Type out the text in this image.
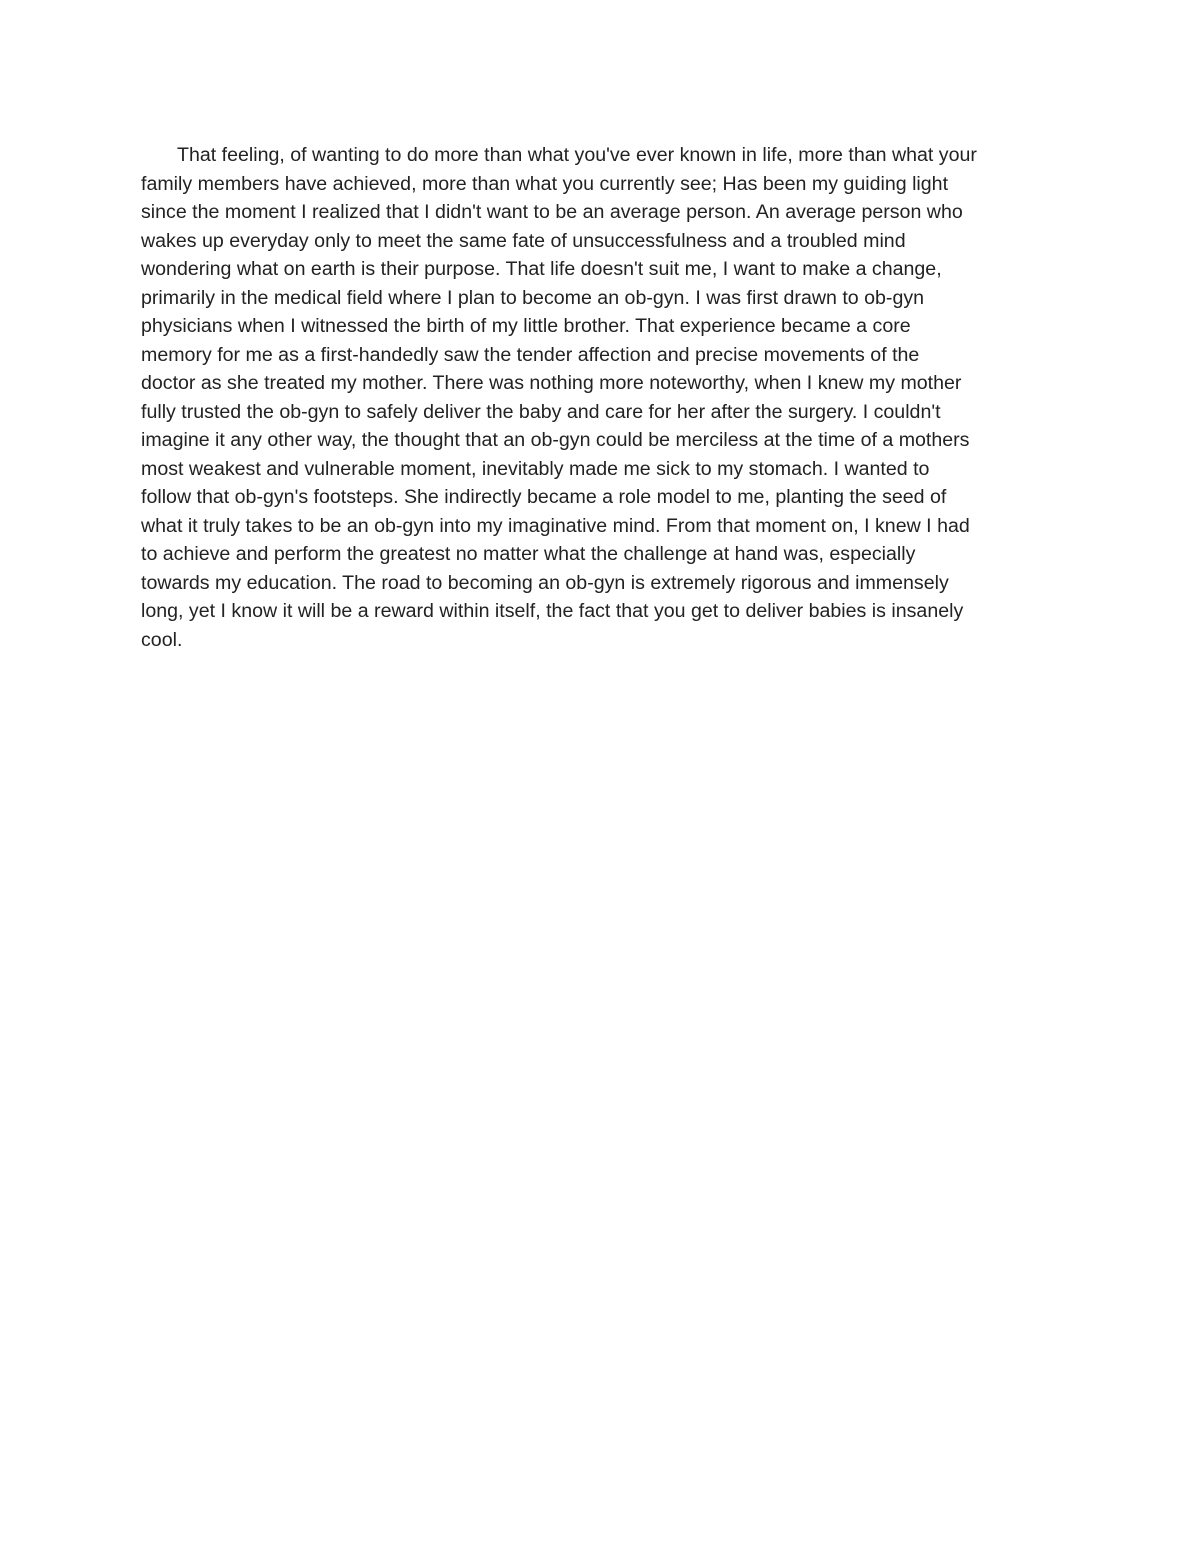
That feeling, of wanting to do more than what you've ever known in life, more than what your
family members have achieved, more than what you currently see; Has been my guiding light
since the moment I realized that I didn't want to be an average person. An average person who
wakes up everyday only to meet the same fate of unsuccessfulness and a troubled mind
wondering what on earth is their purpose. That life doesn't suit me, I want to make a change,
primarily in the medical field where I plan to become an ob-gyn. I was first drawn to ob-gyn
physicians when I witnessed the birth of my little brother. That experience became a core
memory for me as a first-handedly saw the tender affection and precise movements of the
doctor as she treated my mother. There was nothing more noteworthy, when I knew my mother
fully trusted the ob-gyn to safely deliver the baby and care for her after the surgery. I couldn't
imagine it any other way, the thought that an ob-gyn could be merciless at the time of a mothers
most weakest and vulnerable moment, inevitably made me sick to my stomach. I wanted to
follow that ob-gyn's footsteps. She indirectly became a role model to me, planting the seed of
what it truly takes to be an ob-gyn into my imaginative mind. From that moment on, I knew I had
to achieve and perform the greatest no matter what the challenge at hand was, especially
towards my education. The road to becoming an ob-gyn is extremely rigorous and immensely
long, yet I know it will be a reward within itself, the fact that you get to deliver babies is insanely
cool.
